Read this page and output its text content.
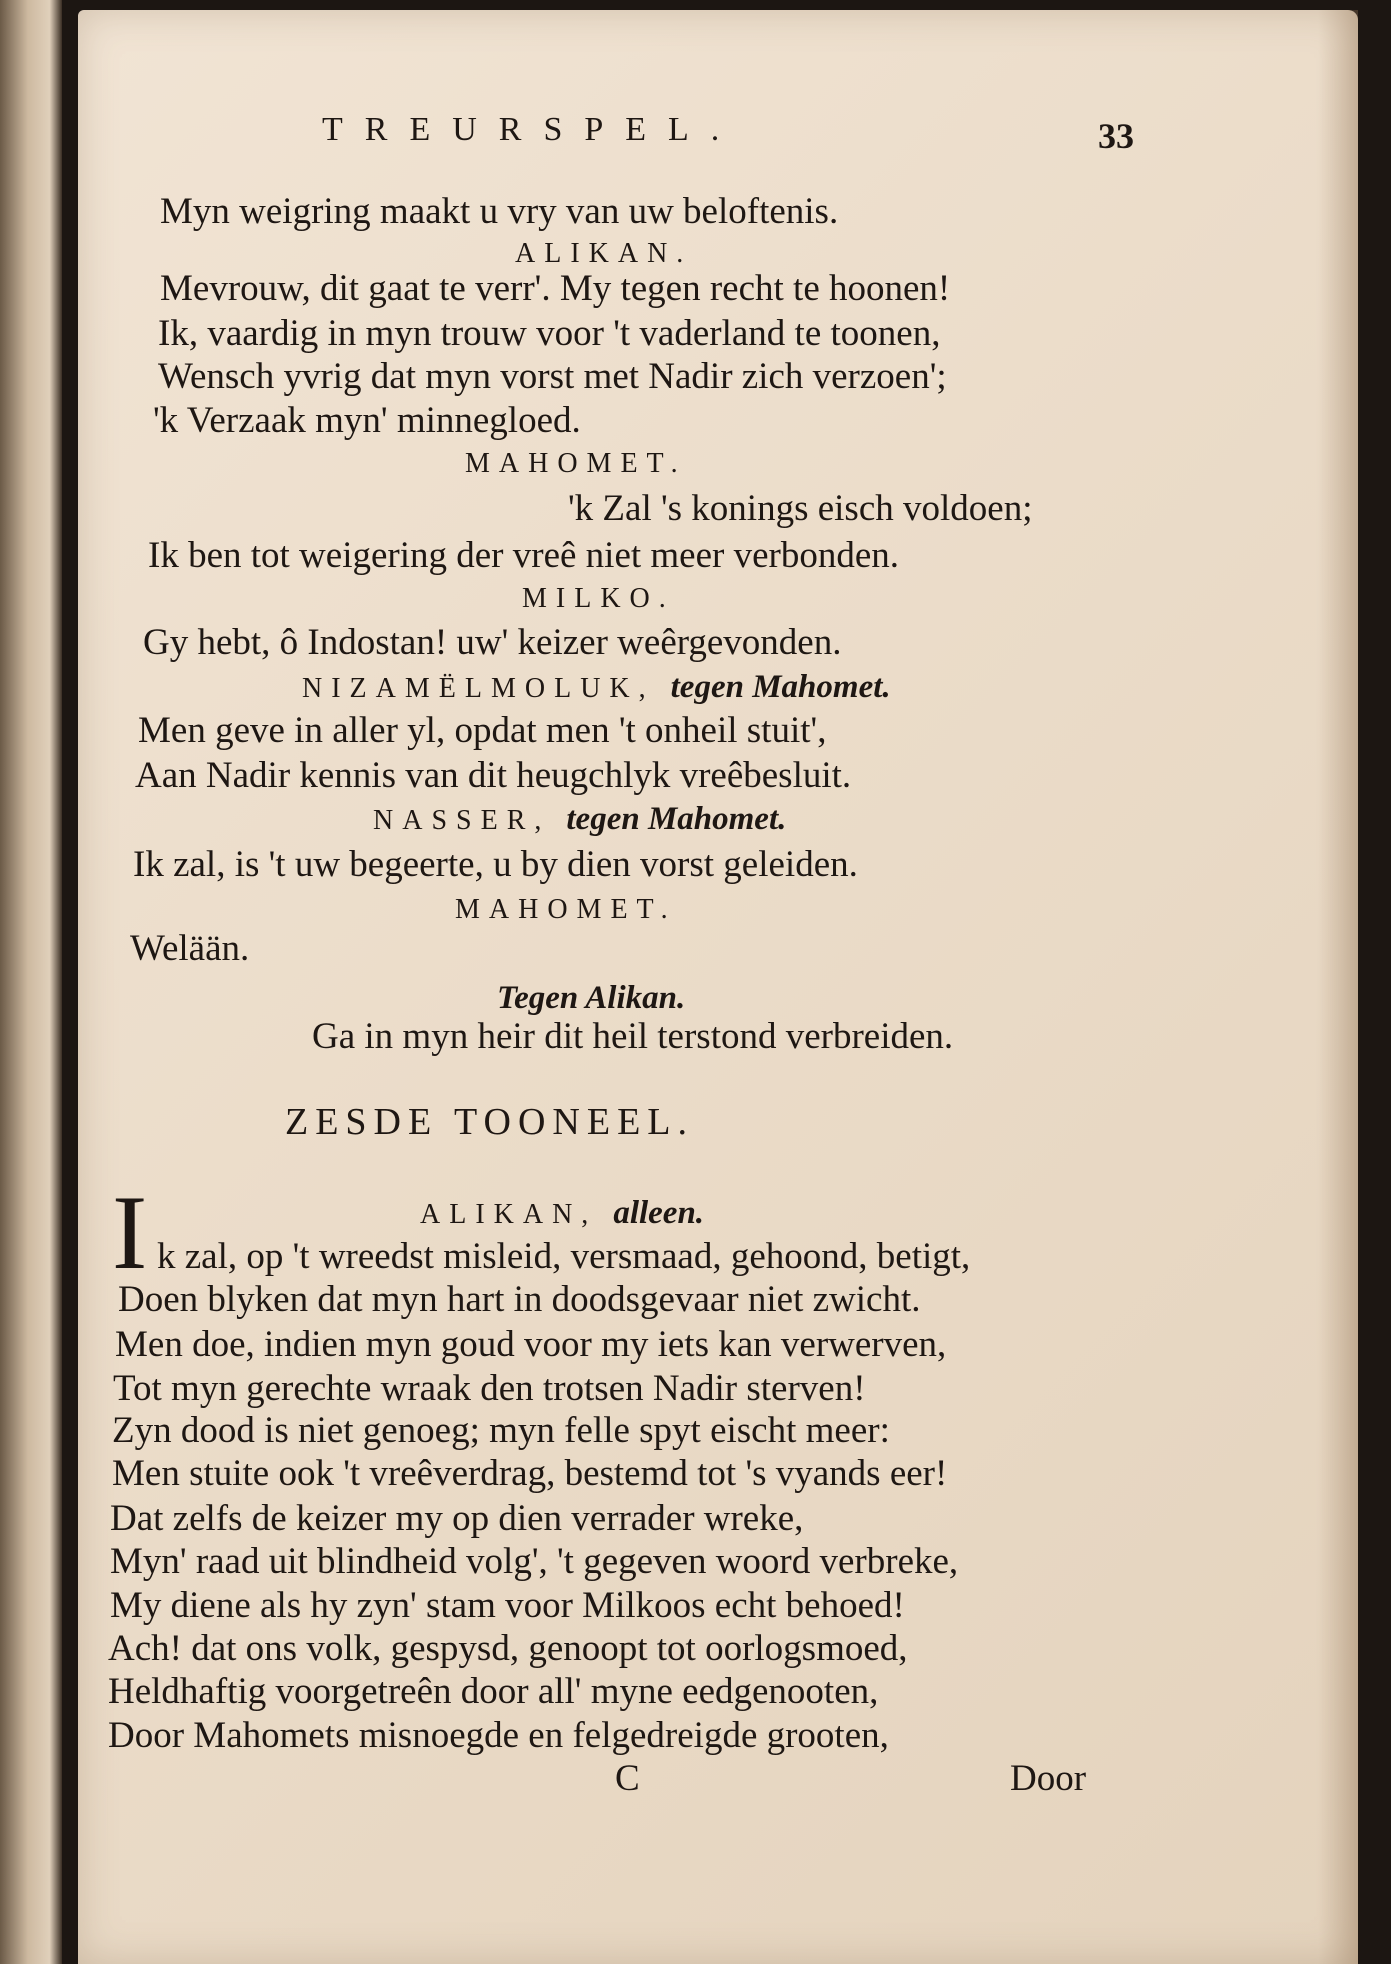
TREURSPEL.	33
Myn weigring maakt u vry van uw beloftenis.
ALIKAN.
Mevrouw, dit gaat te verr'. My tegen recht te hoonen!
Ik, vaardig in myn trouw voor 't vaderland te toonen,
Wensch yvrig dat myn vorst met Nadir zich verzoen';
'k Verzaak myn' minnegloed.
MAHOMET.
'k Zal 's konings eisch voldoen;
Ik ben tot weigering der vreê niet meer verbonden.
MILKO.
Gy hebt, ô Indostan! uw' keizer weêrgevonden.
NIZAMËLMOLUK, tegen Mahomet.
Men geve in aller yl, opdat men 't onheil stuit',
Aan Nadir kennis van dit heugchlyk vreêbesluit.
NASSER, tegen Mahomet.
Ik zal, is 't uw begeerte, u by dien vorst geleiden.
MAHOMET.
Welään.
Tegen Alikan.
Ga in myn heir dit heil terstond verbreiden.
ZESDE TOONEEL.
ALIKAN, alleen.
I k zal, op 't wreedst misleid, versmaad, gehoond, betigt,
Doen blyken dat myn hart in doodsgevaar niet zwicht.
Men doe, indien myn goud voor my iets kan verwerven,
Tot myn gerechte wraak den trotsen Nadir sterven!
Zyn dood is niet genoeg; myn felle spyt eischt meer:
Men stuite ook 't vreêverdrag, bestemd tot 's vyands eer!
Dat zelfs de keizer my op dien verrader wreke,
Myn' raad uit blindheid volg', 't gegeven woord verbreke,
My diene als hy zyn' stam voor Milkoos echt behoed!
Ach! dat ons volk, gespysd, genoopt tot oorlogsmoed,
Heldhaftig voorgetreên door all' myne eedgenooten,
Door Mahomets misnoegde en felgedreigde grooten,
C	Door
